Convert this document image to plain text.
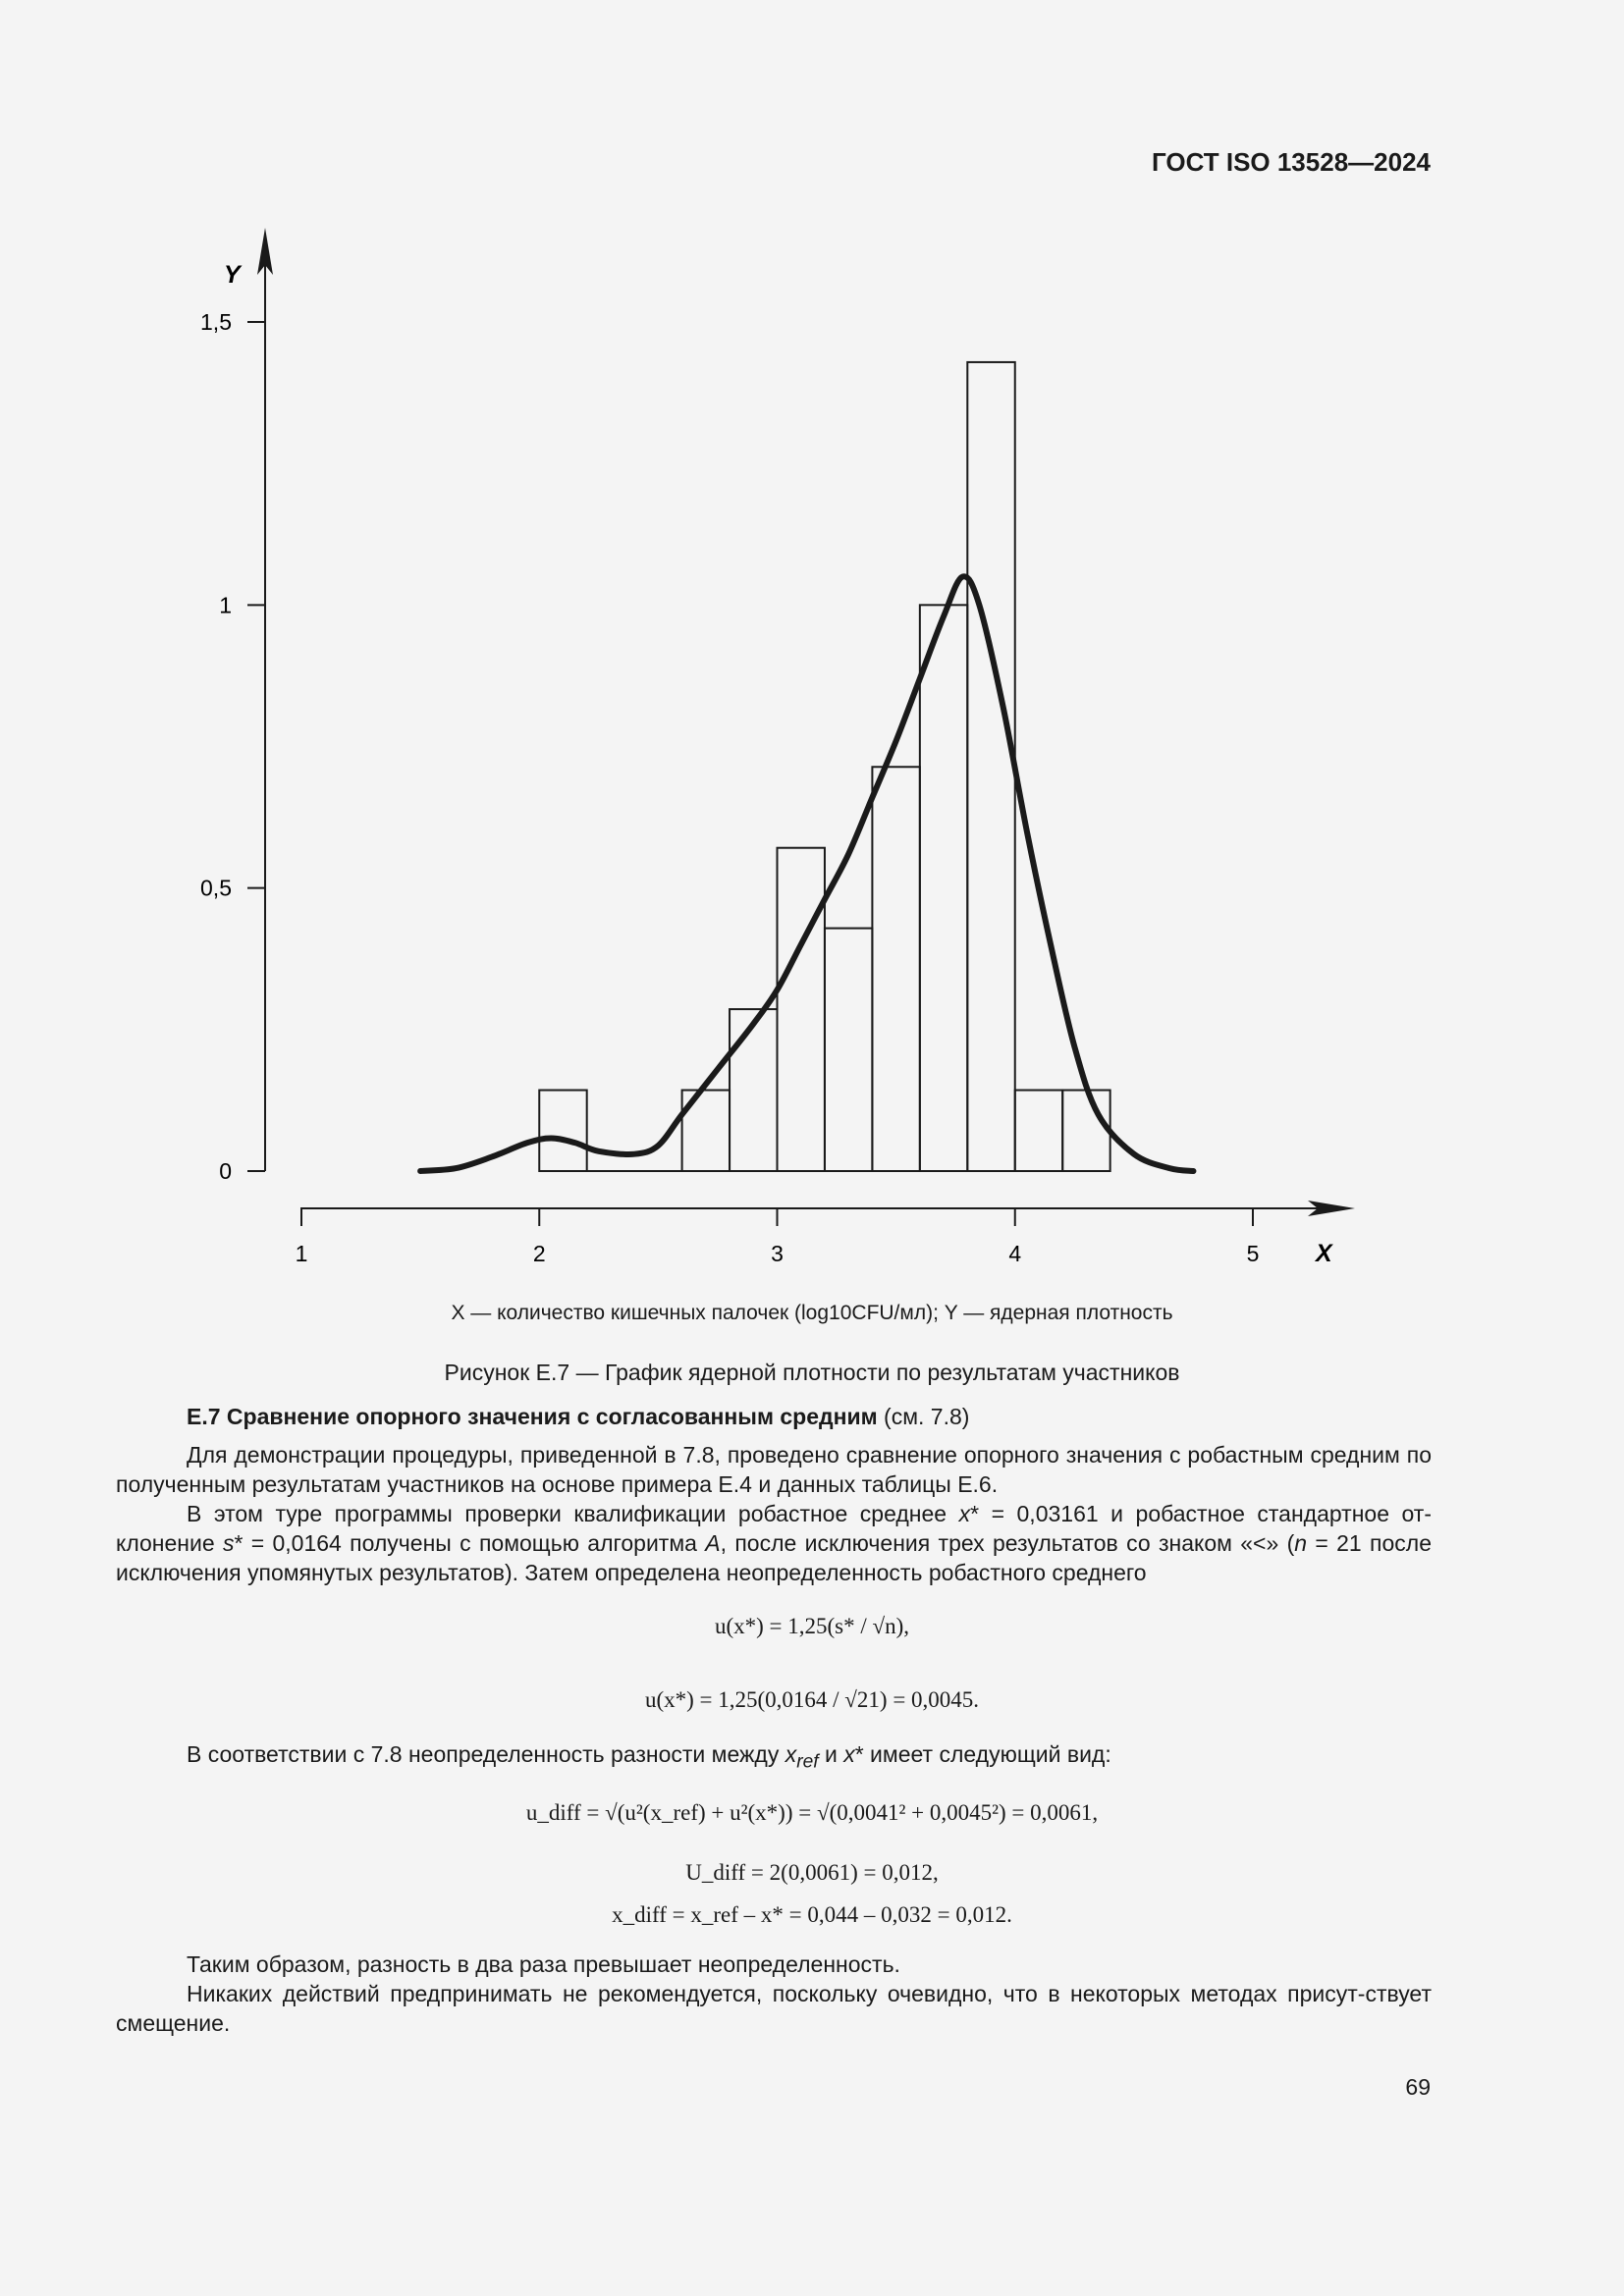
ГОСТ ISO 13528—2024
0
0,5
1
1,5
1	2	3	4	5
Y
X
X — количество кишечных палочек (log10CFU/мл); Y — ядерная плотность
Рисунок Е.7 — График ядерной плотности по результатам участников

Е.7 Сравнение опорного значения с согласованным средним (см. 7.8)

Для демонстрации процедуры, приведенной в 7.8, проведено сравнение опорного значения с робастным средним по полученным результатам участников на основе примера Е.4 и данных таблицы Е.6.

В этом туре программы проверки квалификации робастное среднее x* = 0,03161 и робастное стандартное от-клонение s* = 0,0164 получены с помощью алгоритма А, после исключения трех результатов со знаком «<» (n = 21 после исключения упомянутых результатов). Затем определена неопределенность робастного среднего

u(x*) = 1,25(s* / √n),
u(x*) = 1,25(0,0164 / √21) = 0,0045.

В соответствии с 7.8 неопределенность разности между $x_{ref}$ и x* имеет следующий вид:

u_diff = √(u²(x_ref) + u²(x*)) = √(0,0041² + 0,0045²) = 0,0061,
U_diff = 2(0,0061) = 0,012,
x_diff = x_ref – x* = 0,044 – 0,032 = 0,012.

Таким образом, разность в два раза превышает неопределенность.

Никаких действий предпринимать не рекомендуется, поскольку очевидно, что в некоторых методах присут-ствует смещение.

69
